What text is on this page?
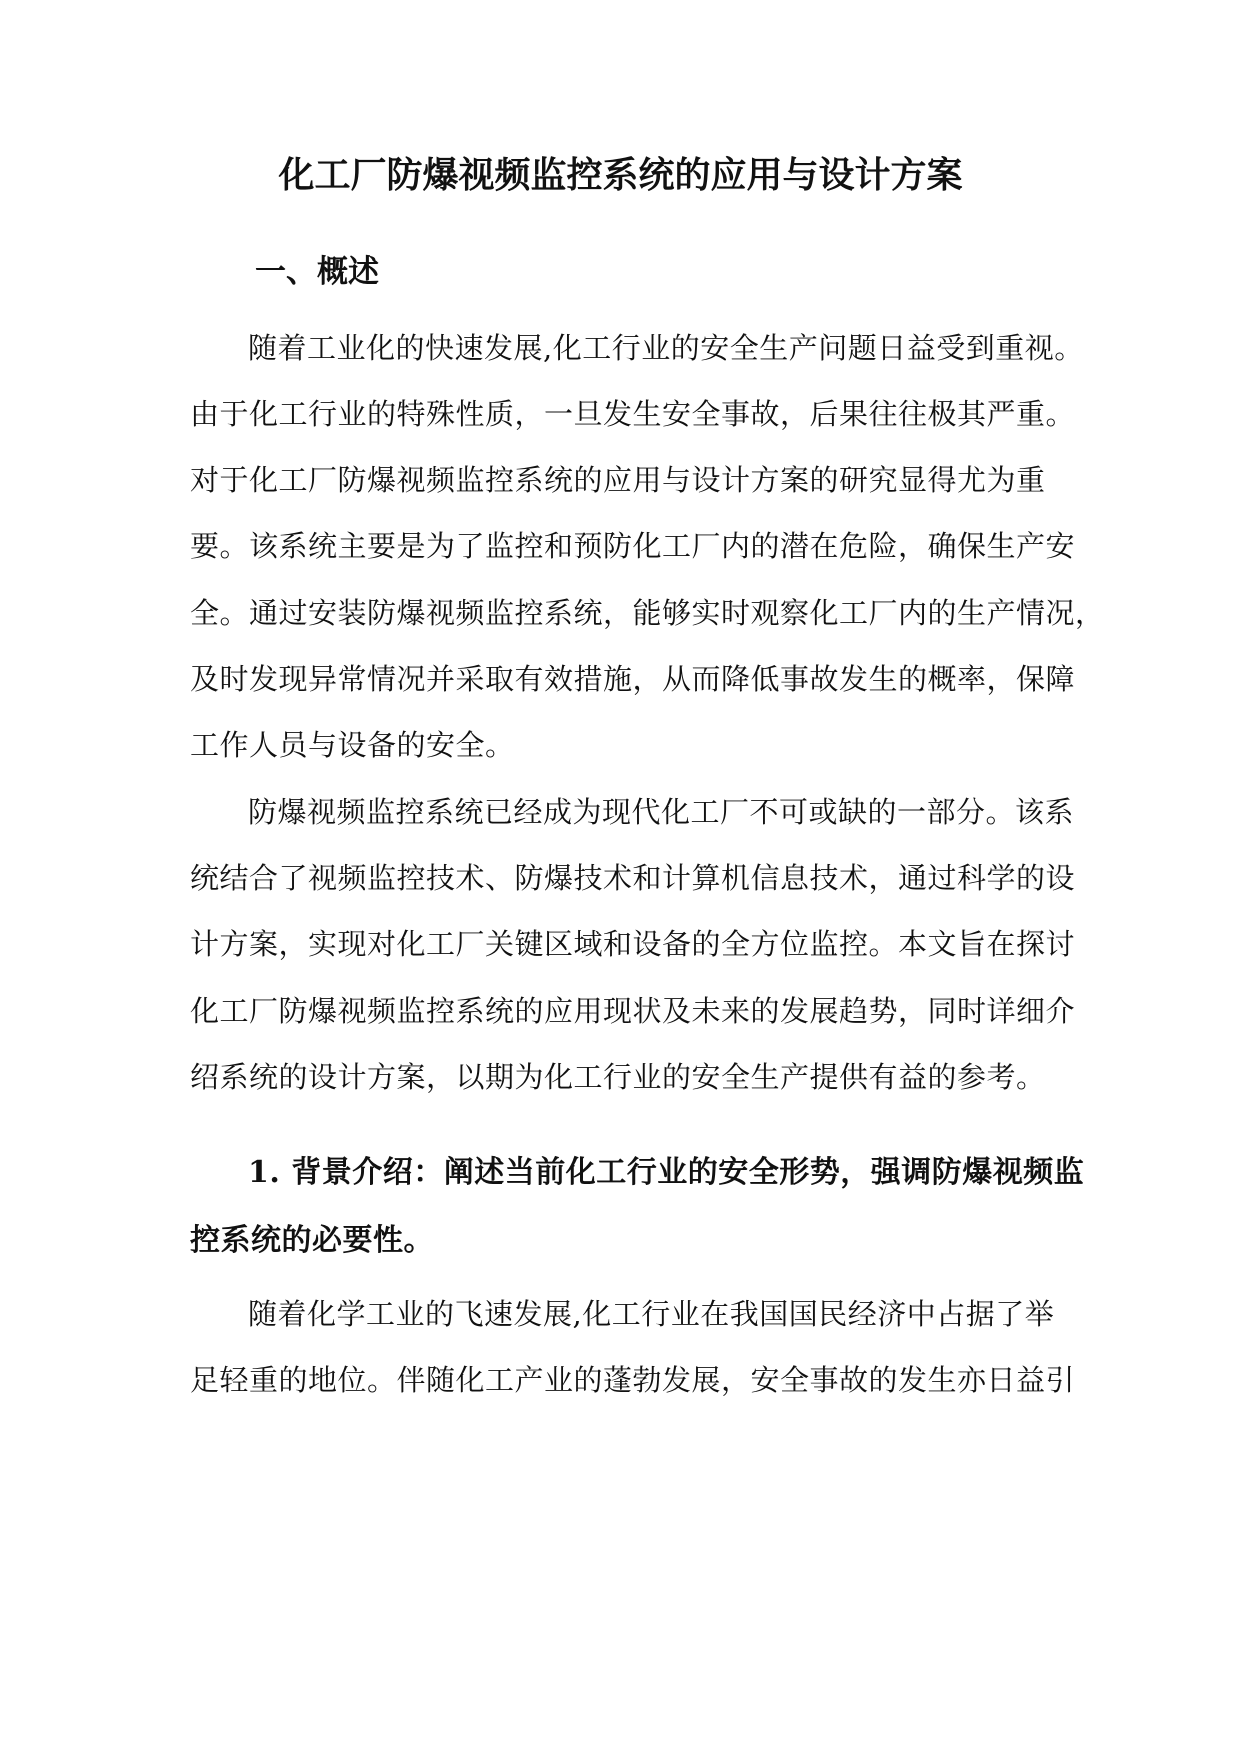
化工厂防爆视频监控系统的应用与设计方案
一、概述
随着工业化的快速发展,化工行业的安全生产问题日益受到重视。
由于化工行业的特殊性质，一旦发生安全事故，后果往往极其严重。
对于化工厂防爆视频监控系统的应用与设计方案的研究显得尤为重
要。该系统主要是为了监控和预防化工厂内的潜在危险，确保生产安
全。通过安装防爆视频监控系统，能够实时观察化工厂内的生产情况，
及时发现异常情况并采取有效措施，从而降低事故发生的概率，保障
工作人员与设备的安全。
防爆视频监控系统已经成为现代化工厂不可或缺的一部分。该系
统结合了视频监控技术、防爆技术和计算机信息技术，通过科学的设
计方案，实现对化工厂关键区域和设备的全方位监控。本文旨在探讨
化工厂防爆视频监控系统的应用现状及未来的发展趋势，同时详细介
绍系统的设计方案，以期为化工行业的安全生产提供有益的参考。
1. 背景介绍：阐述当前化工行业的安全形势，强调防爆视频监
控系统的必要性。
随着化学工业的飞速发展,化工行业在我国国民经济中占据了举
足轻重的地位。伴随化工产业的蓬勃发展，安全事故的发生亦日益引
